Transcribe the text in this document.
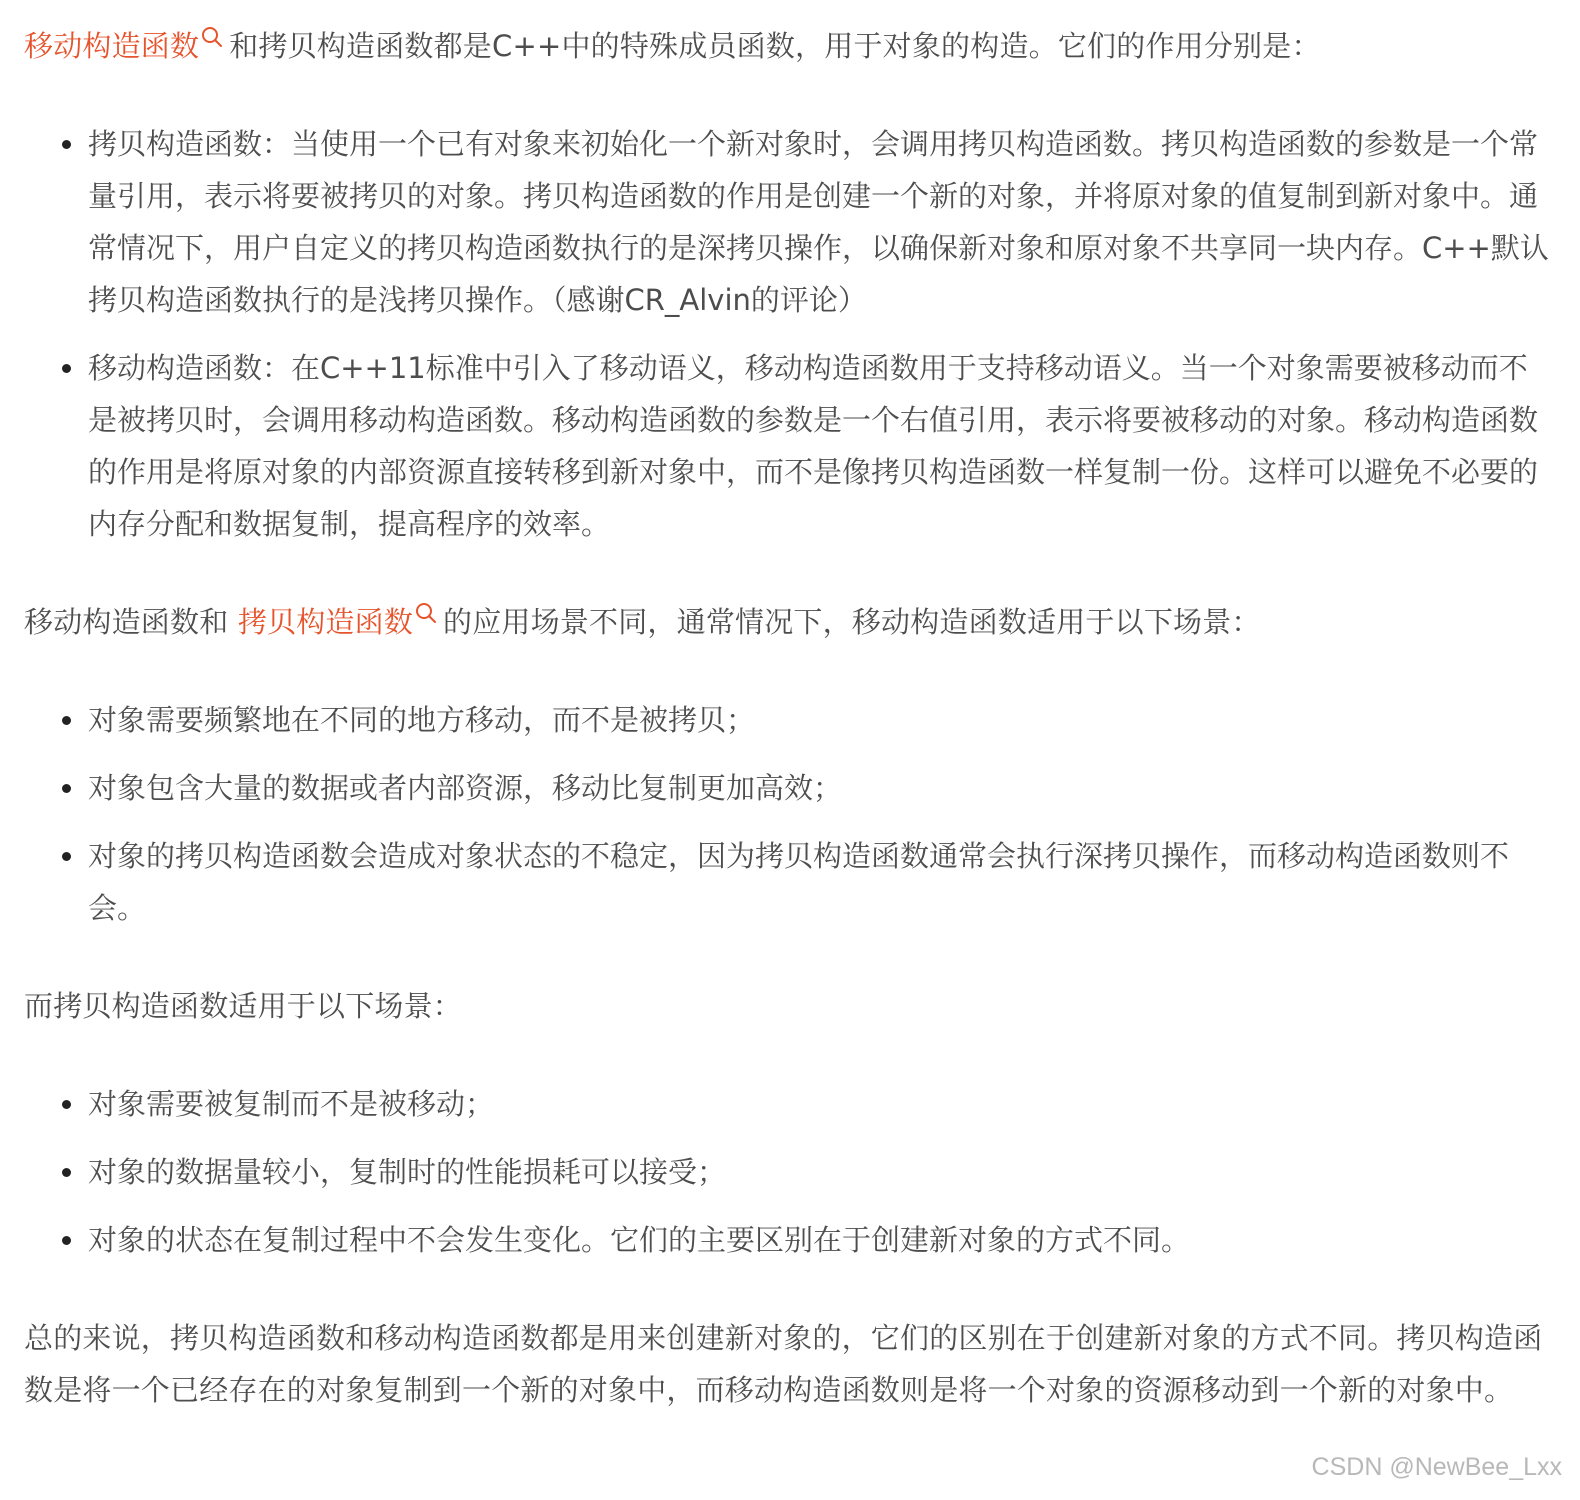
移动构造函数 和拷贝构造函数都是C++中的特殊成员函数，用于对象的构造。它们的作用分别是：

拷贝构造函数：当使用一个已有对象来初始化一个新对象时，会调用拷贝构造函数。拷贝构造函数的参数是一个常量引用，表示将要被拷贝的对象。拷贝构造函数的作用是创建一个新的对象，并将原对象的值复制到新对象中。通常情况下，用户自定义的拷贝构造函数执行的是深拷贝操作，以确保新对象和原对象不共享同一块内存。C++默认拷贝构造函数执行的是浅拷贝操作。（感谢CR_Alvin的评论）
移动构造函数：在C++11标准中引入了移动语义，移动构造函数用于支持移动语义。当一个对象需要被移动而不是被拷贝时，会调用移动构造函数。移动构造函数的参数是一个右值引用，表示将要被移动的对象。移动构造函数的作用是将原对象的内部资源直接转移到新对象中，而不是像拷贝构造函数一样复制一份。这样可以避免不必要的内存分配和数据复制，提高程序的效率。

移动构造函数和 拷贝构造函数 的应用场景不同，通常情况下，移动构造函数适用于以下场景：

对象需要频繁地在不同的地方移动，而不是被拷贝；
对象包含大量的数据或者内部资源，移动比复制更加高效；
对象的拷贝构造函数会造成对象状态的不稳定，因为拷贝构造函数通常会执行深拷贝操作，而移动构造函数则不会。

而拷贝构造函数适用于以下场景：

对象需要被复制而不是被移动；
对象的数据量较小，复制时的性能损耗可以接受；
对象的状态在复制过程中不会发生变化。它们的主要区别在于创建新对象的方式不同。

总的来说，拷贝构造函数和移动构造函数都是用来创建新对象的，它们的区别在于创建新对象的方式不同。拷贝构造函数是将一个已经存在的对象复制到一个新的对象中，而移动构造函数则是将一个对象的资源移动到一个新的对象中。

CSDN @NewBee_Lxx
